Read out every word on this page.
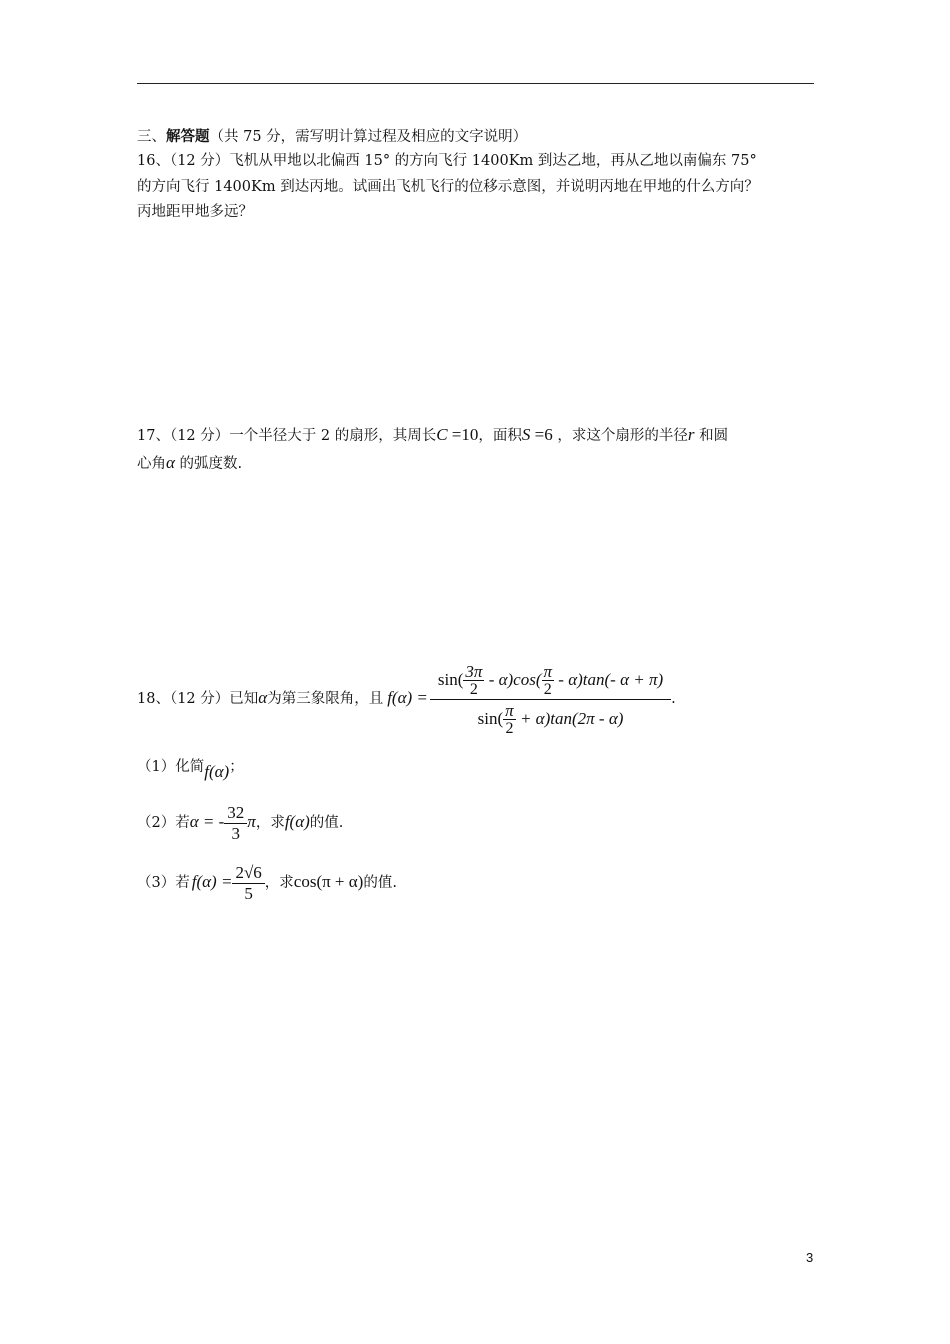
三、解答题（共 75 分，需写明计算过程及相应的文字说明）
16、（12 分）飞机从甲地以北偏西 15° 的方向飞行 1400Km 到达乙地，再从乙地以南偏东 75°
的方向飞行 1400Km 到达丙地。试画出飞机飞行的位移示意图，并说明丙地在甲地的什么方向？
丙地距甲地多远？
17、（12 分）一个半径大于 2 的扇形，其周长C =10，面积S =6 ，求这个扇形的半径r 和圆
心角α 的弧度数.
18、（12 分）已知α为第三象限角，且 $f(\alpha) = \frac{\sin( \frac{3\pi}{2} - \alpha)\cos( \frac{\pi}{2} - \alpha)\tan(- \alpha + \pi)}{\sin( \frac{\pi}{2} + \alpha)\tan(2\pi - \alpha)}$ .
（1）化简f(α)；
（2）若α = - $\frac{32}{3}$ π，求f(α)的值.
（3）若 $f(\alpha) = \frac{2√6}{5}$ ，求cos(π + α)的值.
3
